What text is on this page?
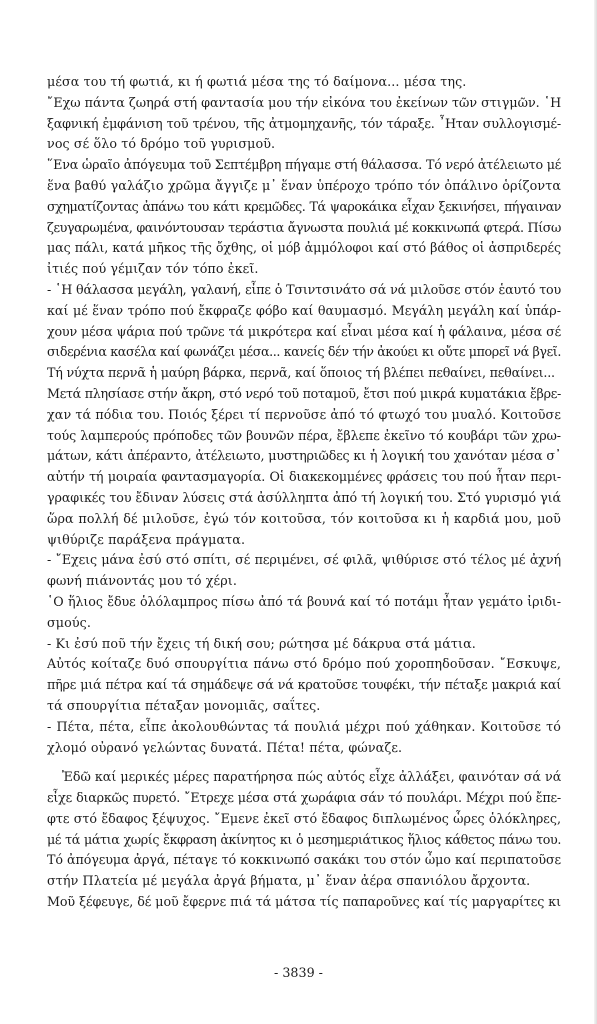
μέσα του τή φωτιά, κι ή φωτιά μέσα της τό δαίμονα... μέσα της.
῎Εχω πάντα ζωηρά στή φαντασία μου τήν εἰκόνα του ἐκείνων τῶν στιγμῶν. ῾Η
ξαφνική ἐμφάνιση τοῦ τρένου, τῆς ἀτμομηχανῆς, τόν τάραξε. ῏Ηταν συλλογισμέ-
νος σέ ὅλο τό δρόμο τοῦ γυρισμοῦ.
῞Ενα ὡραῖο ἀπόγευμα τοῦ Σεπτέμβρη πήγαμε στή θάλασσα. Τό νερό ἀτέλειωτο μέ
ἕνα βαθύ γαλάζιο χρῶμα ἄγγιζε μ᾽ ἕναν ὑπέροχο τρόπο τόν ὀπάλινο ὁρίζοντα
σχηματίζοντας ἀπάνω του κάτι κρεμῶδες. Τά ψαροκάικα εἶχαν ξεκινήσει, πήγαιναν
ζευγαρωμένα, φαινόντουσαν τεράστια ἄγνωστα πουλιά μέ κοκκινωπά φτερά. Πίσω
μας πάλι, κατά μῆκος τῆς ὄχθης, οἱ μόβ ἀμμόλοφοι καί στό βάθος οἱ ἀσπριδερές
ἰτιές πού γέμιζαν τόν τόπο ἐκεῖ.
- ῾Η θάλασσα μεγάλη, γαλανή, εἶπε ὁ Τσιντσινάτο σά νά μιλοῦσε στόν ἑαυτό του
καί μέ ἕναν τρόπο πού ἔκφραζε φόβο καί θαυμασμό. Μεγάλη μεγάλη καί ὑπάρ-
χουν μέσα ψάρια πού τρῶνε τά μικρότερα καί εἶναι μέσα καί ἡ φάλαινα, μέσα σέ
σιδερένια κασέλα καί φωνάζει μέσα... κανείς δέν τήν ἀκούει κι οὔτε μπορεῖ νά βγεῖ.
Τή νύχτα περνᾶ ἡ μαύρη βάρκα, περνᾶ, καί ὅποιος τή βλέπει πεθαίνει, πεθαίνει...
Μετά πλησίασε στήν ἄκρη, στό νερό τοῦ ποταμοῦ, ἔτσι πού μικρά κυματάκια ἔβρε-
χαν τά πόδια του. Ποιός ξέρει τί περνοῦσε ἀπό τό φτωχό του μυαλό. Κοιτοῦσε
τούς λαμπερούς πρόποδες τῶν βουνῶν πέρα, ἔβλεπε ἐκεῖνο τό κουβάρι τῶν χρω-
μάτων, κάτι ἀπέραντο, ἀτέλειωτο, μυστηριῶδες κι ἡ λογική του χανόταν μέσα σ᾽
αὐτήν τή μοιραία φαντασμαγορία. Οἱ διακεκομμένες φράσεις του πού ἦταν περι-
γραφικές του ἔδιναν λύσεις στά ἀσύλληπτα ἀπό τή λογική του. Στό γυρισμό γιά
ὥρα πολλή δέ μιλοῦσε, ἐγώ τόν κοιτοῦσα, τόν κοιτοῦσα κι ἡ καρδιά μου, μοῦ
ψιθύριζε παράξενα πράγματα.
- ῎Εχεις μάνα ἐσύ στό σπίτι, σέ περιμένει, σέ φιλᾶ, ψιθύρισε στό τέλος μέ ἀχνή
φωνή πιάνοντάς μου τό χέρι.
῾Ο ἥλιος ἔδυε ὁλόλαμπρος πίσω ἀπό τά βουνά καί τό ποτάμι ἦταν γεμάτο ἰριδι-
σμούς.
- Κι ἐσύ ποῦ τήν ἔχεις τή δική σου; ρώτησα μέ δάκρυα στά μάτια.
Αὐτός κοίταζε δυό σπουργίτια πάνω στό δρόμο πού χοροπηδοῦσαν. ῎Εσκυψε,
πῆρε μιά πέτρα καί τά σημάδεψε σά νά κρατοῦσε τουφέκι, τήν πέταξε μακριά καί
τά σπουργίτια πέταξαν μονομιᾶς, σαΐτες.
- Πέτα, πέτα, εἶπε ἀκολουθώντας τά πουλιά μέχρι πού χάθηκαν. Κοιτοῦσε τό
χλομό οὐρανό γελώντας δυνατά. Πέτα! πέτα, φώναζε.
Ἐδῶ καί μερικές μέρες παρατήρησα πώς αὐτός εἶχε ἀλλάξει, φαινόταν σά νά
εἶχε διαρκῶς πυρετό. ῎Ετρεχε μέσα στά χωράφια σάν τό πουλάρι. Μέχρι πού ἔπε-
φτε στό ἔδαφος ξέψυχος. ῎Εμενε ἐκεῖ στό ἔδαφος διπλωμένος ὧρες ὁλόκληρες,
μέ τά μάτια χωρίς ἔκφραση ἀκίνητος κι ὁ μεσημεριάτικος ἥλιος κάθετος πάνω του.
Τό ἀπόγευμα ἀργά, πέταγε τό κοκκινωπό σακάκι του στόν ὦμο καί περιπατοῦσε
στήν Πλατεία μέ μεγάλα ἀργά βήματα, μ᾽ ἕναν ἀέρα σπανιόλου ἄρχοντα.
Μοῦ ξέφευγε, δέ μοῦ ἔφερνε πιά τά μάτσα τίς παπαροῦνες καί τίς μαργαρίτες κι
- 3839 -
